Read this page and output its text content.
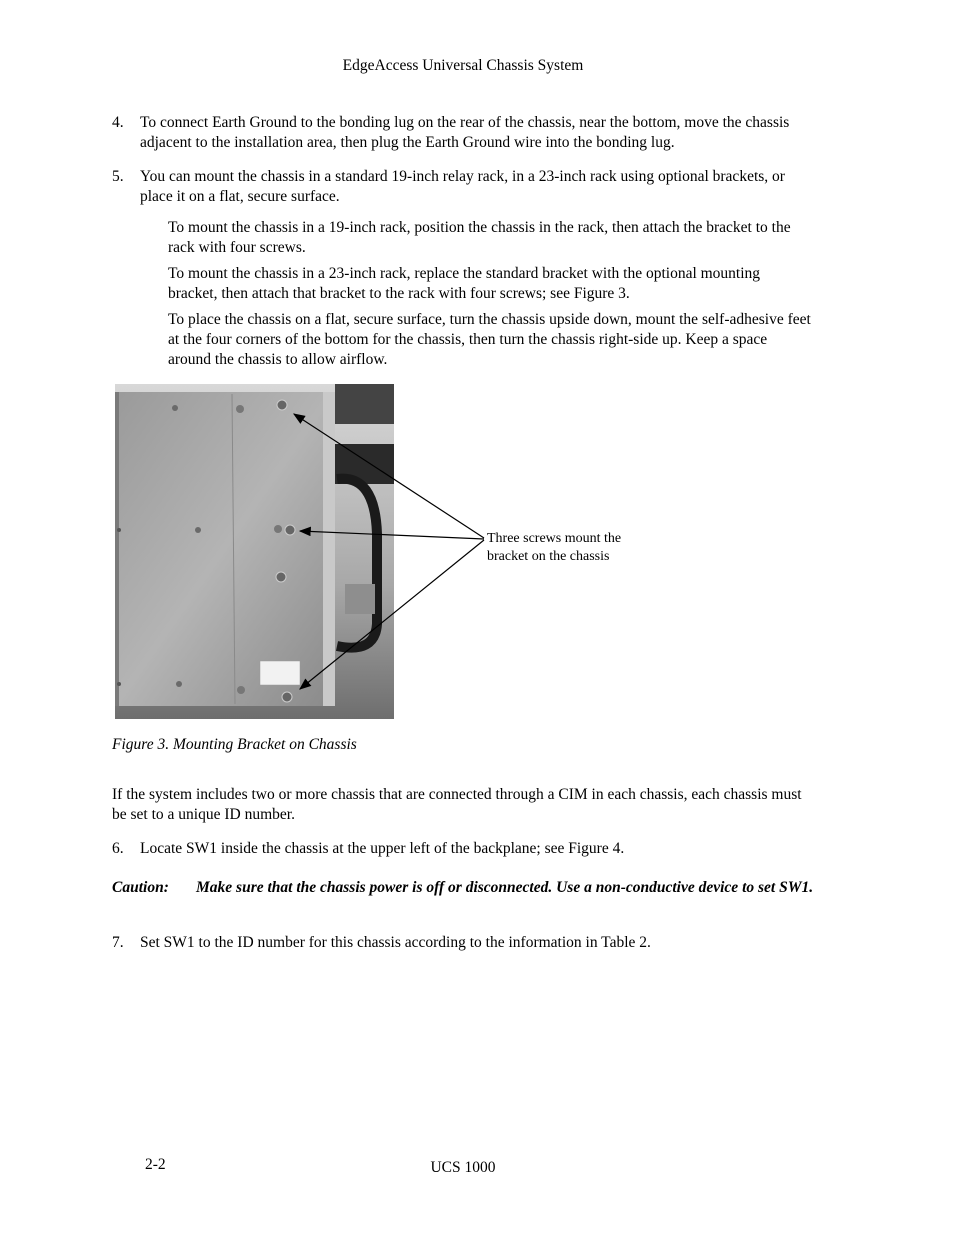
EdgeAccess Universal Chassis System
4. To connect Earth Ground to the bonding lug on the rear of the chassis, near the bottom, move the chassis adjacent to the installation area, then plug the Earth Ground wire into the bonding lug.
5. You can mount the chassis in a standard 19-inch relay rack, in a 23-inch rack using optional brackets, or place it on a flat, secure surface.
To mount the chassis in a 19-inch rack, position the chassis in the rack, then attach the bracket to the rack with four screws.
To mount the chassis in a 23-inch rack, replace the standard bracket with the optional mounting bracket, then attach that bracket to the rack with four screws; see Figure 3.
To place the chassis on a flat, secure surface, turn the chassis upside down, mount the self-adhesive feet at the four corners of the bottom for the chassis, then turn the chassis right-side up. Keep a space around the chassis to allow airflow.
Three screws mount the
bracket on the chassis
Figure 3. Mounting Bracket on Chassis
If the system includes two or more chassis that are connected through a CIM in each chassis, each chassis must be set to a unique ID number.
6. Locate SW1 inside the chassis at the upper left of the backplane; see Figure 4.
Caution: Make sure that the chassis power is off or disconnected. Use a non-conductive device to set SW1.
7. Set SW1 to the ID number for this chassis according to the information in Table 2.
2-2	UCS 1000
